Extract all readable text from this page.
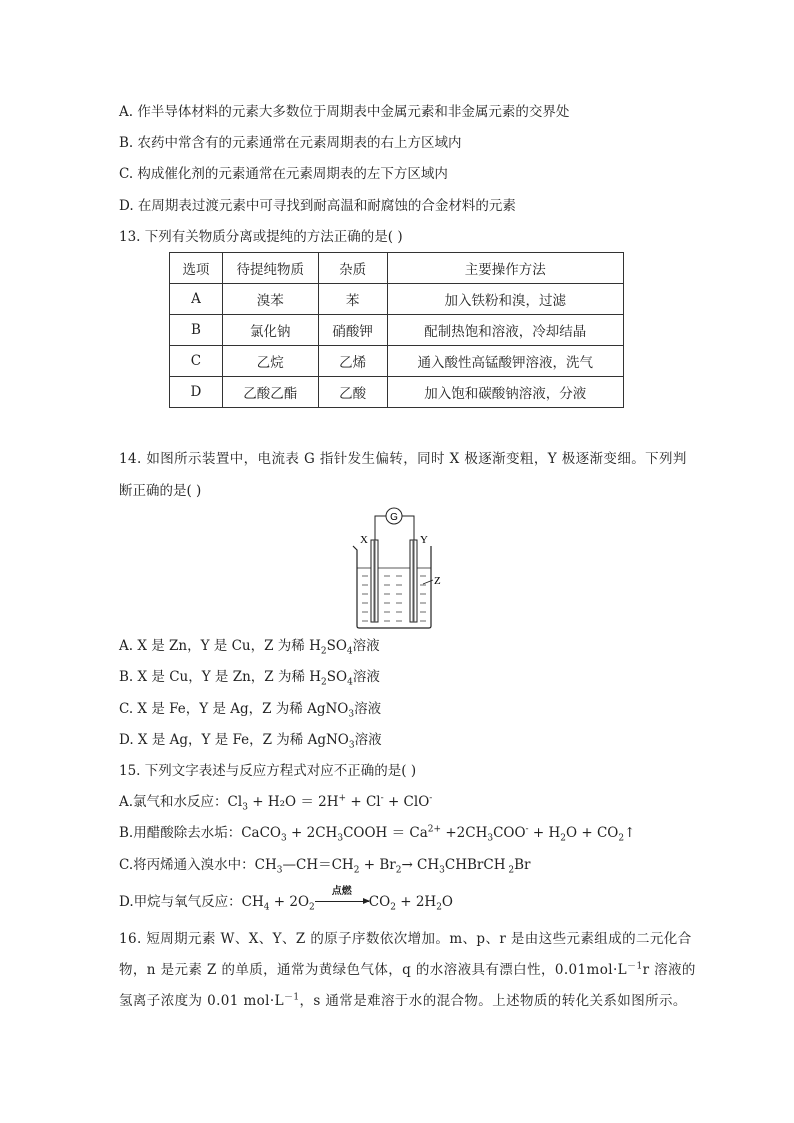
A. 作半导体材料的元素大多数位于周期表中金属元素和非金属元素的交界处
B. 农药中常含有的元素通常在元素周期表的右上方区域内
C. 构成催化剂的元素通常在元素周期表的左下方区域内
D. 在周期表过渡元素中可寻找到耐高温和耐腐蚀的合金材料的元素
13. 下列有关物质分离或提纯的方法正确的是( )
选项	待提纯物质	杂质	主要操作方法
A	溴苯	苯	加入铁粉和溴，过滤
B	氯化钠	硝酸钾	配制热饱和溶液，冷却结晶
C	乙烷	乙烯	通入酸性高锰酸钾溶液，洗气
D	乙酸乙酯	乙酸	加入饱和碳酸钠溶液，分液
14. 如图所示装置中，电流表 G 指针发生偏转，同时 X 极逐渐变粗，Y 极逐渐变细。下列判
断正确的是( )
G
X	Y
Z
A. X 是 Zn，Y 是 Cu，Z 为稀 $H_2SO_4$溶液
B. X 是 Cu，Y 是 Zn，Z 为稀 $H_2SO_4$溶液
C. X 是 Fe，Y 是 Ag，Z 为稀 AgNO$_3$溶液
D. X 是 Ag，Y 是 Fe，Z 为稀 AgNO$_3$溶液
15. 下列文字表述与反应方程式对应不正确的是( )
A.氯气和水反应：$Cl_3 + H_2O = 2H^+ + Cl^- + ClO^-$
B.用醋酸除去水垢：CaCO$_3$ + $2CH_3COOH = Ca^{2+} +2CH_3COO^- + H_2O$ + $CO_2↑$
C.将丙烯通入溴水中：$CH_3—CH=CH_2 + Br_2\to$ $CH_3CHBrCH$ $_2$Br
D.甲烷与氧气反应：$CH_4 + 2O_2$
点燃
$CO_2 + 2H_2O$
16. 短周期元素 W、X、Y、Z 的原子序数依次增加。m、p、r 是由这些元素组成的二元化合
物，n 是元素 Z 的单质，通常为黄绿色气体，q 的水溶液具有漂白性，$0.01mol\cdot L^{-1}r$ 溶液的
氢离子浓度为 0.01 $mol\cdot L^{-1}$，s 通常是难溶于水的混合物。上述物质的转化关系如图所示。
